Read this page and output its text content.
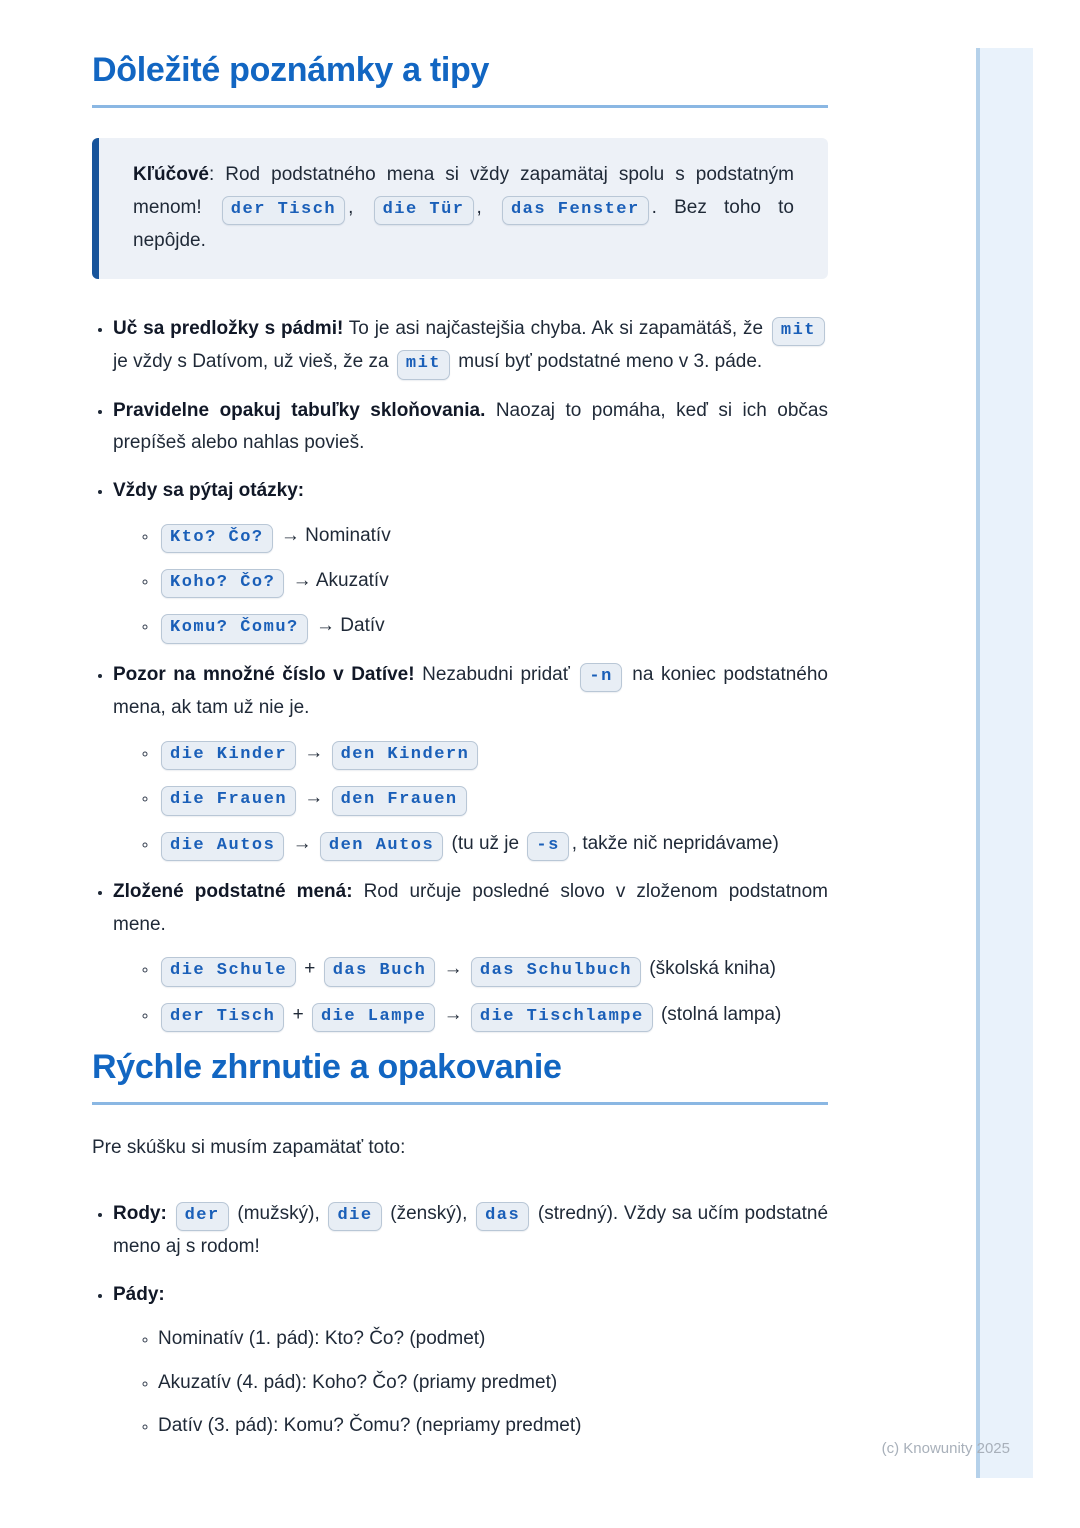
Dôležité poznámky a tipy

Kľúčové: Rod podstatného mena si vždy zapamätaj spolu s podstatným menom! der Tisch , die Tür , das Fenster . Bez toho to nepôjde.

• Uč sa predložky s pádmi! To je asi najčastejšia chyba. Ak si zapamätáš, že mit je vždy s Datívom, už vieš, že za mit musí byť podstatné meno v 3. páde.

• Pravidelne opakuj tabuľky skloňovania. Naozaj to pomáha, keď si ich občas prepíšeš alebo nahlas povieš.

• Vždy sa pýtaj otázky:

◦ Kto? Čo? → Nominatív

◦ Koho? Čo? → Akuzatív

◦ Komu? Čomu? → Datív

• Pozor na množné číslo v Datíve! Nezabudni pridať -n na koniec podstatného mena, ak tam už nie je.

◦ die Kinder → den Kindern

◦ die Frauen → den Frauen

◦ die Autos → den Autos (tu už je -s , takže nič nepridávame)

• Zložené podstatné mená: Rod určuje posledné slovo v zloženom podstatnom mene.

◦ die Schule + das Buch → das Schulbuch (školská kniha)

◦ der Tisch + die Lampe → die Tischlampe (stolná lampa)

Rýchle zhrnutie a opakovanie

Pre skúšku si musím zapamätať toto:

• Rody: der (mužský), die (ženský), das (stredný). Vždy sa učím podstatné meno aj s rodom!

• Pády:

◦ Nominatív (1. pád): Kto? Čo? (podmet)

◦ Akuzatív (4. pád): Koho? Čo? (priamy predmet)

◦ Datív (3. pád): Komu? Čomu? (nepriamy predmet)

(c) Knowunity 2025
